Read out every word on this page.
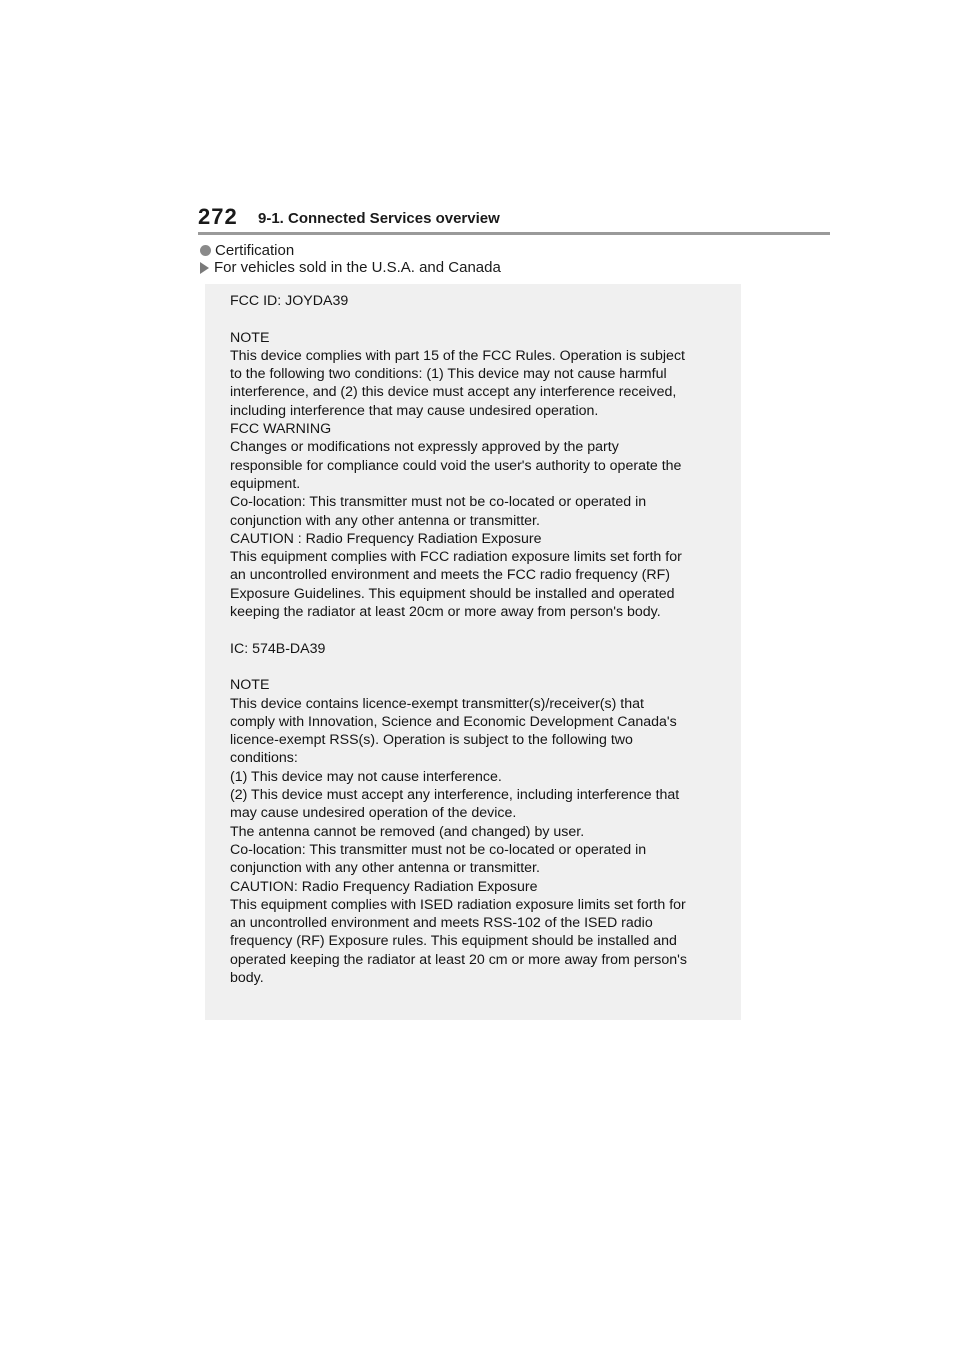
272 9-1. Connected Services overview
Certification
For vehicles sold in the U.S.A. and Canada

FCC ID: JOYDA39

NOTE

This device complies with part 15 of the FCC Rules. Operation is subject

to the following two conditions: (1) This device may not cause harmful

interference, and (2) this device must accept any interference received,

including interference that may cause undesired operation.

FCC WARNING

Changes or modifications not expressly approved by the party

responsible for compliance could void the user's authority to operate the

equipment.

Co-location: This transmitter must not be co-located or operated in

conjunction with any other antenna or transmitter.

CAUTION : Radio Frequency Radiation Exposure

This equipment complies with FCC radiation exposure limits set forth for

an uncontrolled environment and meets the FCC radio frequency (RF)

Exposure Guidelines. This equipment should be installed and operated

keeping the radiator at least 20cm or more away from person's body.

IC: 574B-DA39

NOTE

This device contains licence-exempt transmitter(s)/receiver(s) that

comply with Innovation, Science and Economic Development Canada's

licence-exempt RSS(s). Operation is subject to the following two

conditions:

(1) This device may not cause interference.

(2) This device must accept any interference, including interference that

may cause undesired operation of the device.

The antenna cannot be removed (and changed) by user.

Co-location: This transmitter must not be co-located or operated in

conjunction with any other antenna or transmitter.

CAUTION: Radio Frequency Radiation Exposure

This equipment complies with ISED radiation exposure limits set forth for

an uncontrolled environment and meets RSS-102 of the ISED radio

frequency (RF) Exposure rules. This equipment should be installed and

operated keeping the radiator at least 20 cm or more away from person's

body.
